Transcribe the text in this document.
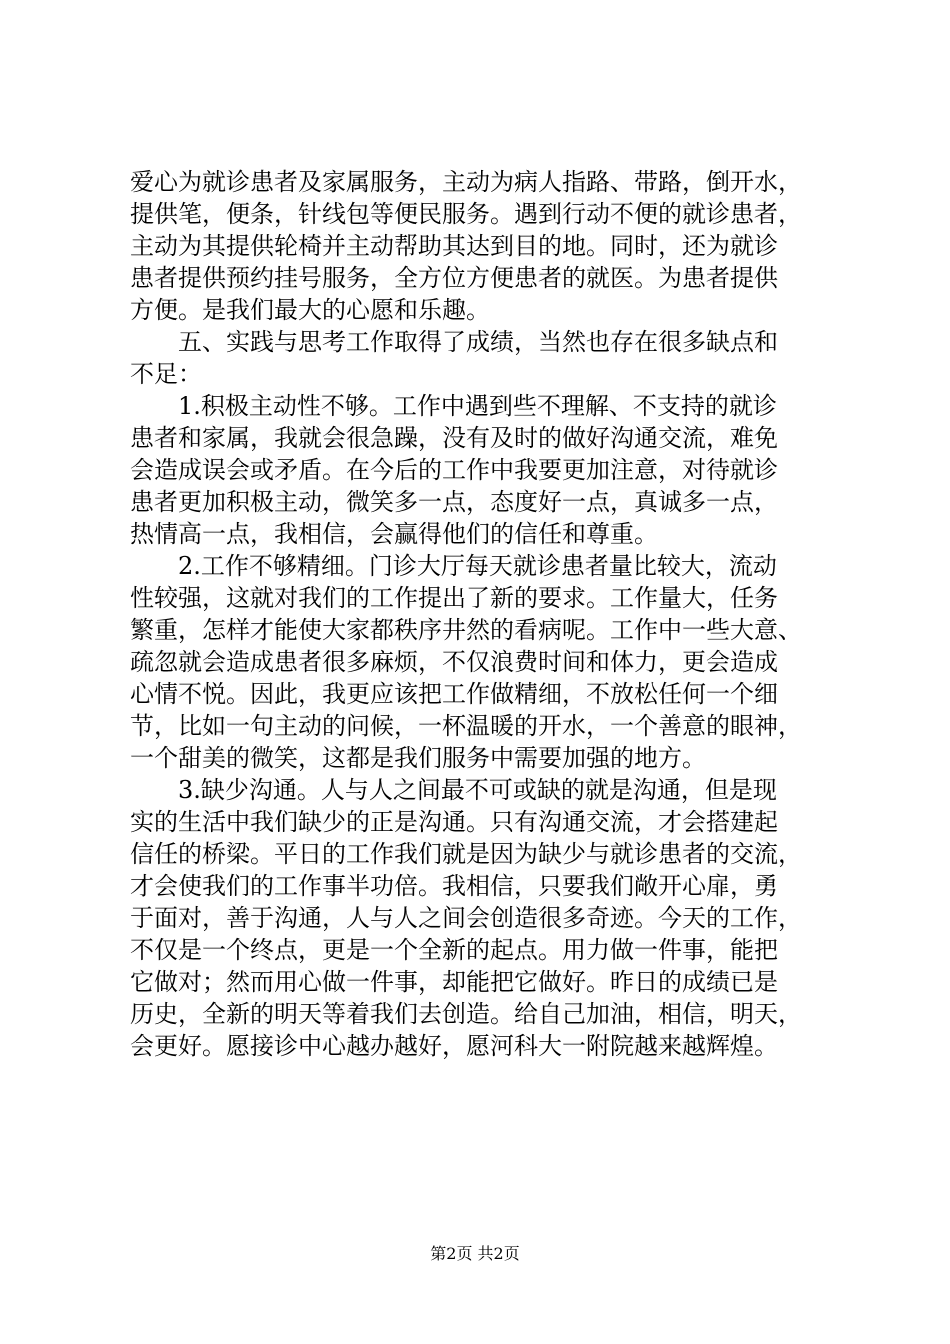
爱心为就诊患者及家属服务，主动为病人指路、带路，倒开水，

提供笔，便条，针线包等便民服务。遇到行动不便的就诊患者，

主动为其提供轮椅并主动帮助其达到目的地。同时，还为就诊

患者提供预约挂号服务，全方位方便患者的就医。为患者提供

方便。是我们最大的心愿和乐趣。

五、实践与思考工作取得了成绩，当然也存在很多缺点和

不足：

1.积极主动性不够。工作中遇到些不理解、不支持的就诊

患者和家属，我就会很急躁，没有及时的做好沟通交流，难免

会造成误会或矛盾。在今后的工作中我要更加注意，对待就诊

患者更加积极主动，微笑多一点，态度好一点，真诚多一点，

热情高一点，我相信，会赢得他们的信任和尊重。

2.工作不够精细。门诊大厅每天就诊患者量比较大，流动

性较强，这就对我们的工作提出了新的要求。工作量大，任务

繁重，怎样才能使大家都秩序井然的看病呢。工作中一些大意、

疏忽就会造成患者很多麻烦，不仅浪费时间和体力，更会造成

心情不悦。因此，我更应该把工作做精细，不放松任何一个细

节，比如一句主动的问候，一杯温暖的开水，一个善意的眼神，

一个甜美的微笑，这都是我们服务中需要加强的地方。

3.缺少沟通。人与人之间最不可或缺的就是沟通，但是现

实的生活中我们缺少的正是沟通。只有沟通交流，才会搭建起

信任的桥梁。平日的工作我们就是因为缺少与就诊患者的交流，

才会使我们的工作事半功倍。我相信，只要我们敞开心扉，勇

于面对，善于沟通，人与人之间会创造很多奇迹。今天的工作，

不仅是一个终点，更是一个全新的起点。用力做一件事，能把

它做对；然而用心做一件事，却能把它做好。昨日的成绩已是

历史，全新的明天等着我们去创造。给自己加油，相信，明天，

会更好。愿接诊中心越办越好，愿河科大一附院越来越辉煌。

第2页 共2页
